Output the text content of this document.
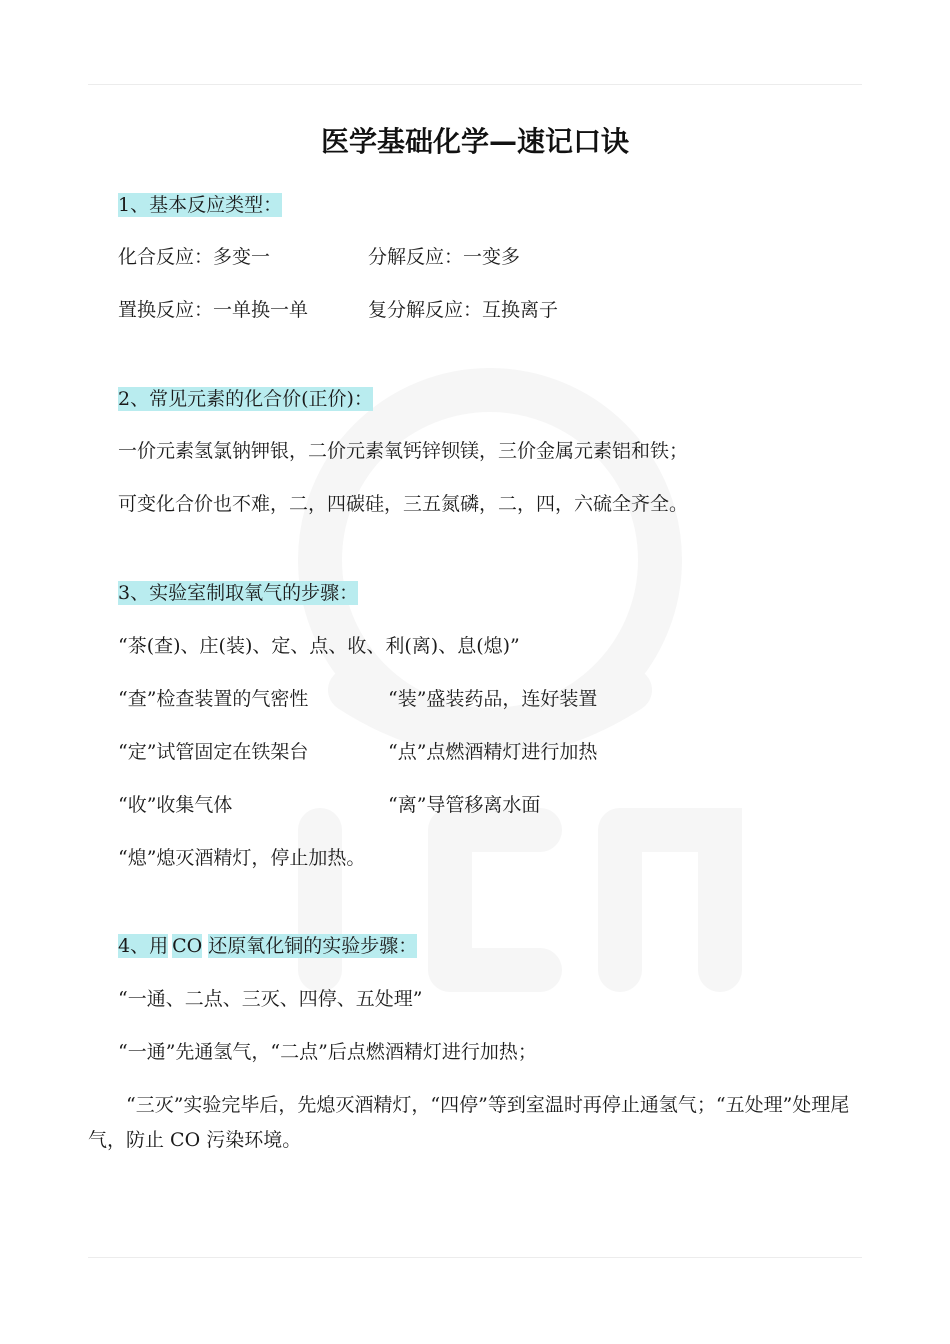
医学基础化学—速记口诀
1、基本反应类型：
化合反应：多变一	分解反应：一变多
置换反应：一单换一单	复分解反应：互换离子
2、常见元素的化合价(正价)：
一价元素氢氯钠钾银，二价元素氧钙锌钡镁，三价金属元素铝和铁；
可变化合价也不难，二，四碳硅，三五氮磷，二，四，六硫全齐全。
3、实验室制取氧气的步骤：
“茶(查)、庄(装)、定、点、收、利(离)、息(熄)”
“查”检查装置的气密性	“装”盛装药品，连好装置
“定”试管固定在铁架台	“点”点燃酒精灯进行加热
“收”收集气体	“离”导管移离水面
“熄”熄灭酒精灯，停止加热。
4、用 CO 还原氧化铜的实验步骤：
“一通、二点、三灭、四停、五处理”
“一通”先通氢气，“二点”后点燃酒精灯进行加热；
“三灭”实验完毕后，先熄灭酒精灯，“四停”等到室温时再停止通氢气；“五处理”处理尾气，防止 CO 污染环境。
